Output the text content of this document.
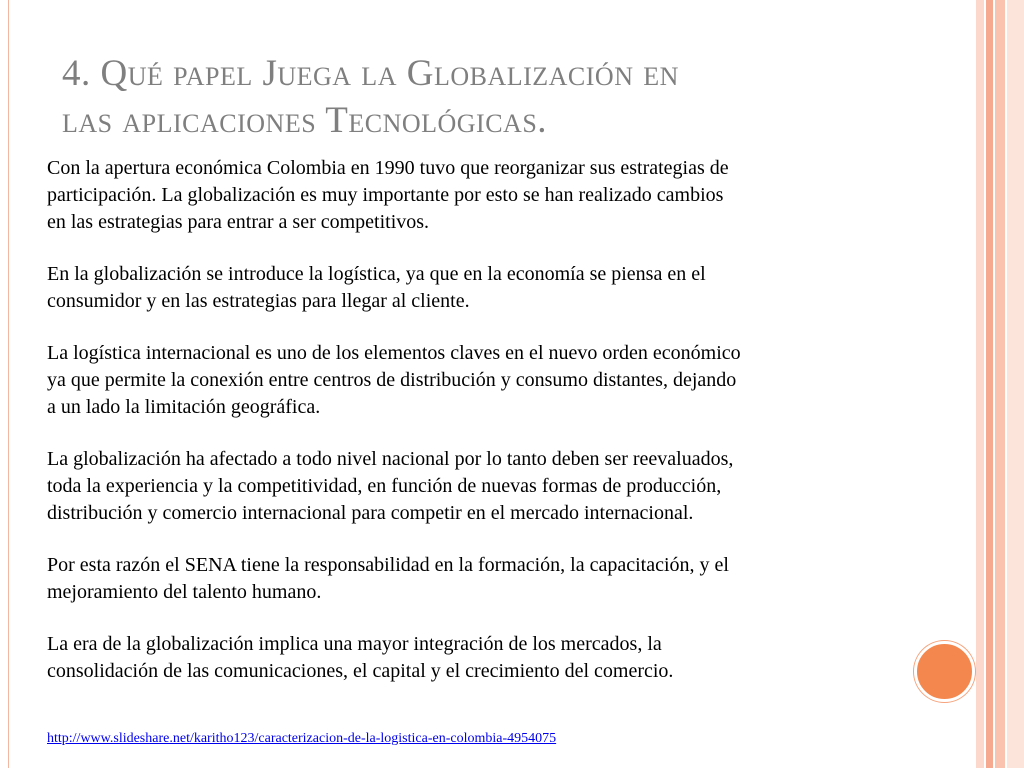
4. Qué papel Juega la Globalización en
las aplicaciones Tecnológicas.

Con la apertura económica Colombia en 1990 tuvo que reorganizar sus estrategias de
participación. La globalización es muy importante por esto se han realizado cambios
en las estrategias para entrar a ser competitivos.

En la globalización se introduce la logística, ya que en la economía se piensa en el
consumidor y en las estrategias para llegar al cliente.

La logística internacional es uno de los elementos claves en el nuevo orden económico
ya que permite la conexión entre centros de distribución y consumo distantes, dejando
a un lado la limitación geográfica.

La globalización ha afectado a todo nivel nacional por lo tanto deben ser reevaluados,
toda la experiencia y la competitividad, en función de nuevas formas de producción,
distribución y comercio internacional para competir en el mercado internacional.

Por esta razón el SENA tiene la responsabilidad en la formación, la capacitación, y el
mejoramiento del talento humano.

La era de la globalización implica una mayor integración de los mercados, la
consolidación de las comunicaciones, el capital y el crecimiento del comercio.

http://www.slideshare.net/karitho123/caracterizacion-de-la-logistica-en-colombia-4954075
